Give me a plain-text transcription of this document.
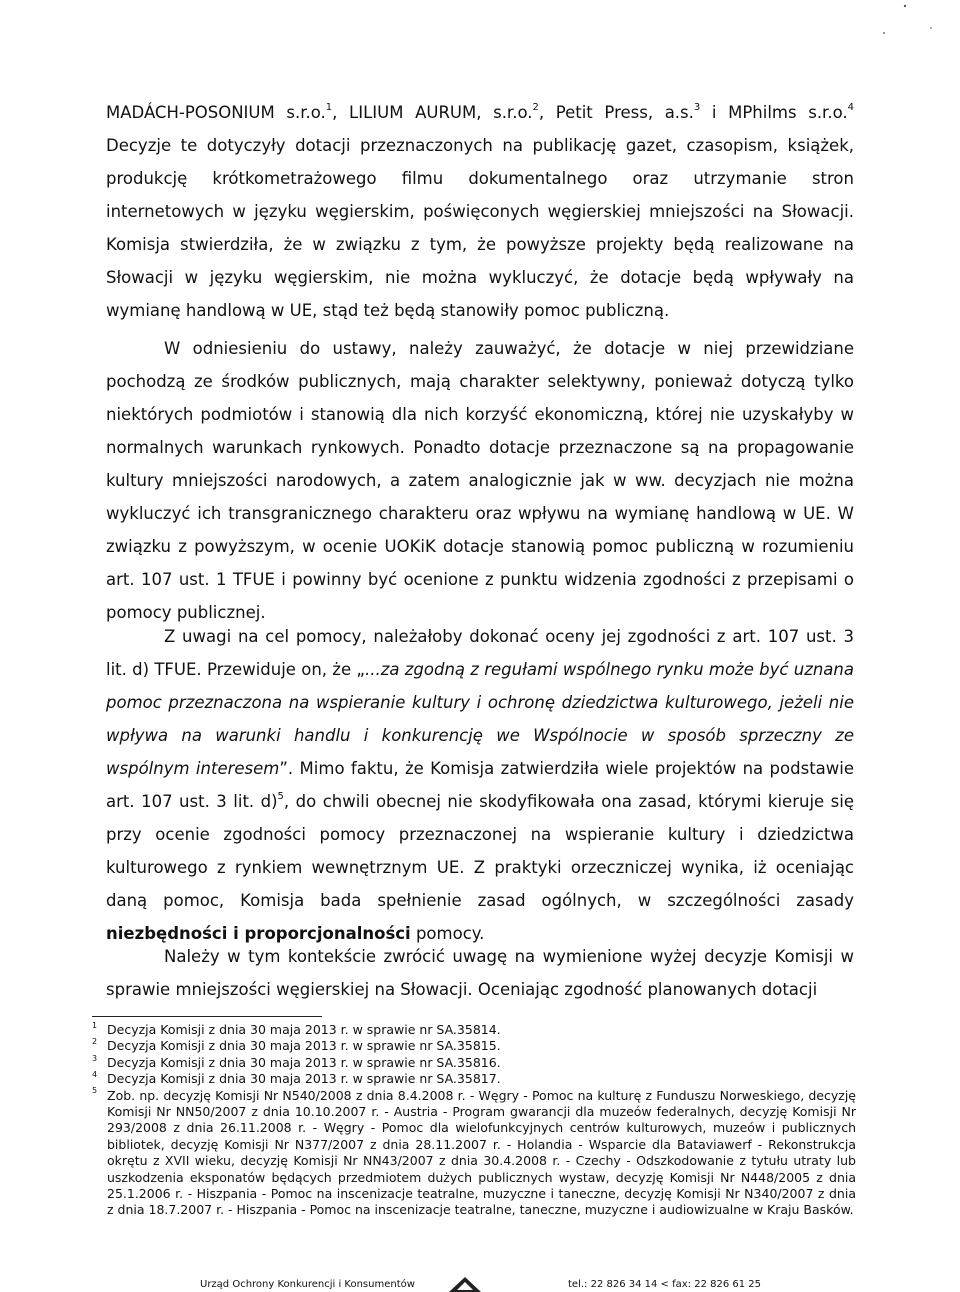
MADÁCH-POSONIUM s.r.o.$^1$, LILIUM AURUM, s.r.o.$^2$, Petit Press, a.s.$^3$ i MPhilms s.r.o.$^4$ Decyzje te dotyczyły dotacji przeznaczonych na publikację gazet, czasopism, książek, produkcję krótkometrażowego filmu dokumentalnego oraz utrzymanie stron internetowych w języku węgierskim, poświęconych węgierskiej mniejszości na Słowacji. Komisja stwierdziła, że w związku z tym, że powyższe projekty będą realizowane na Słowacji w języku węgierskim, nie można wykluczyć, że dotacje będą wpływały na wymianę handlową w UE, stąd też będą stanowiły pomoc publiczną.

W odniesieniu do ustawy, należy zauważyć, że dotacje w niej przewidziane pochodzą ze środków publicznych, mają charakter selektywny, ponieważ dotyczą tylko niektórych podmiotów i stanowią dla nich korzyść ekonomiczną, której nie uzyskałyby w normalnych warunkach rynkowych. Ponadto dotacje przeznaczone są na propagowanie kultury mniejszości narodowych, a zatem analogicznie jak w ww. decyzjach nie można wykluczyć ich transgranicznego charakteru oraz wpływu na wymianę handlową w UE. W związku z powyższym, w ocenie UOKiK dotacje stanowią pomoc publiczną w rozumieniu art. 107 ust. 1 TFUE i powinny być ocenione z punktu widzenia zgodności z przepisami o pomocy publicznej.

Z uwagi na cel pomocy, należałoby dokonać oceny jej zgodności z art. 107 ust. 3 lit. d) TFUE. Przewiduje on, że „...za zgodną z regułami wspólnego rynku może być uznana pomoc przeznaczona na wspieranie kultury i ochronę dziedzictwa kulturowego, jeżeli nie wpływa na warunki handlu i konkurencję we Wspólnocie w sposób sprzeczny ze wspólnym interesem”. Mimo faktu, że Komisja zatwierdziła wiele projektów na podstawie art. 107 ust. 3 lit. d)$^5$, do chwili obecnej nie skodyfikowała ona zasad, którymi kieruje się przy ocenie zgodności pomocy przeznaczonej na wspieranie kultury i dziedzictwa kulturowego z rynkiem wewnętrznym UE. Z praktyki orzeczniczej wynika, iż oceniając daną pomoc, Komisja bada spełnienie zasad ogólnych, w szczególności zasady niezbędności i proporcjonalności pomocy.

Należy w tym kontekście zwrócić uwagę na wymienione wyżej decyzje Komisji w sprawie mniejszości węgierskiej na Słowacji. Oceniając zgodność planowanych dotacji

$^1$ Decyzja Komisji z dnia 30 maja 2013 r. w sprawie nr SA.35814.

$^2$ Decyzja Komisji z dnia 30 maja 2013 r. w sprawie nr SA.35815.

$^3$ Decyzja Komisji z dnia 30 maja 2013 r. w sprawie nr SA.35816.

$^4$ Decyzja Komisji z dnia 30 maja 2013 r. w sprawie nr SA.35817.

$^5$ Zob. np. decyzję Komisji Nr N540/2008 z dnia 8.4.2008 r. - Węgry - Pomoc na kulturę z Funduszu Norweskiego, decyzję Komisji Nr NN50/2007 z dnia 10.10.2007 r. - Austria - Program gwarancji dla muzeów federalnych, decyzję Komisji Nr 293/2008 z dnia 26.11.2008 r. - Węgry - Pomoc dla wielofunkcyjnych centrów kulturowych, muzeów i publicznych bibliotek, decyzję Komisji Nr N377/2007 z dnia 28.11.2007 r. - Holandia - Wsparcie dla Bataviawerf - Rekonstrukcja okrętu z XVII wieku, decyzję Komisji Nr NN43/2007 z dnia 30.4.2008 r. - Czechy - Odszkodowanie z tytułu utraty lub uszkodzenia eksponatów będących przedmiotem dużych publicznych wystaw, decyzję Komisji Nr N448/2005 z dnia 25.1.2006 r. - Hiszpania - Pomoc na inscenizacje teatralne, muzyczne i taneczne, decyzję Komisji Nr N340/2007 z dnia z dnia 18.7.2007 r. - Hiszpania - Pomoc na inscenizacje teatralne, taneczne, muzyczne i audiowizualne w Kraju Basków.

Urząd Ochrony Konkurencji i Konsumentów	tel.: 22 826 34 14 < fax: 22 826 61 25
